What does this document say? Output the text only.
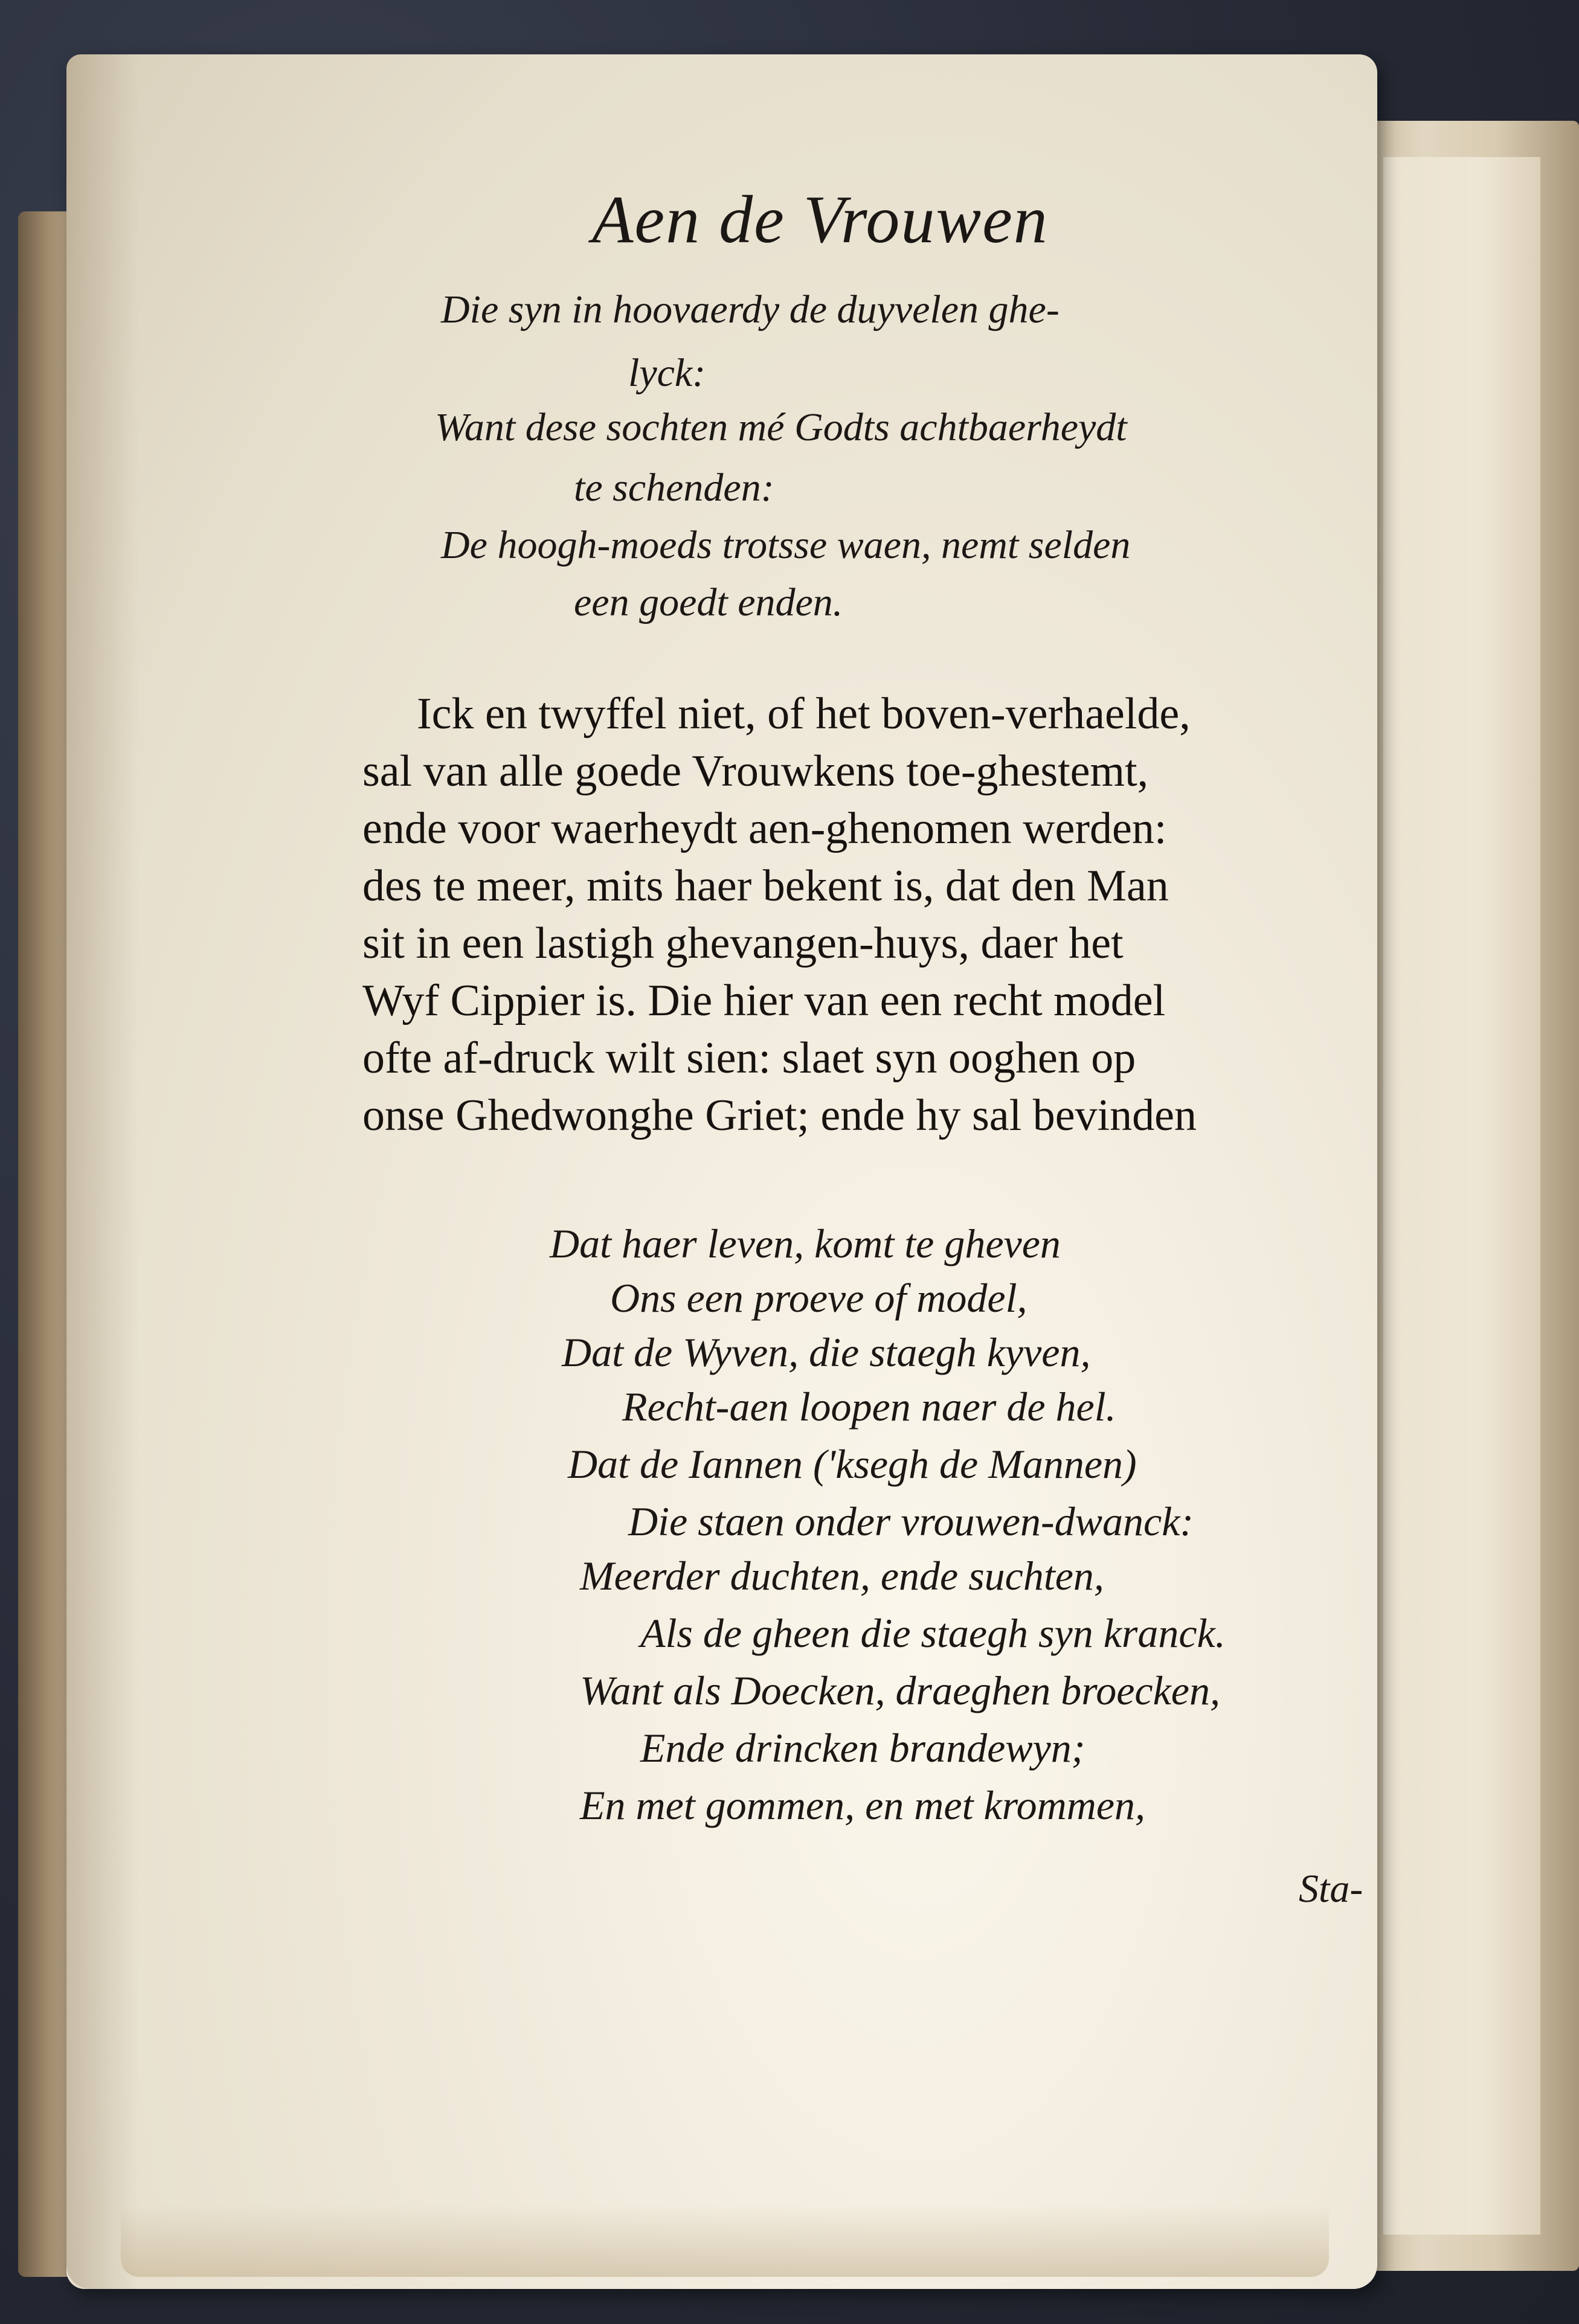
Aen de Vrouwen
Die syn in hoovaerdy de duyvelen ghe-
lyck:
Want dese sochten mé Godts achtbaerheydt
te schenden:
De hoogh-moeds trotsse waen, nemt selden
een goedt enden.
Ick en twyffel niet, of het boven-verhaelde,
sal van alle goede Vrouwkens toe-ghestemt,
ende voor waerheydt aen-ghenomen werden:
des te meer, mits haer bekent is, dat den Man
sit in een lastigh ghevangen-huys, daer het
Wyf Cippier is. Die hier van een recht model
ofte af-druck wilt sien: slaet syn ooghen op
onse Ghedwonghe Griet; ende hy sal bevinden
Dat haer leven, komt te gheven
Ons een proeve of model,
Dat de Wyven, die staegh kyven,
Recht-aen loopen naer de hel.
Dat de Iannen ('ksegh de Mannen)
Die staen onder vrouwen-dwanck:
Meerder duchten, ende suchten,
Als de gheen die staegh syn kranck.
Want als Doecken, draeghen broecken,
Ende drincken brandewyn;
En met gommen, en met krommen,
Sta-
